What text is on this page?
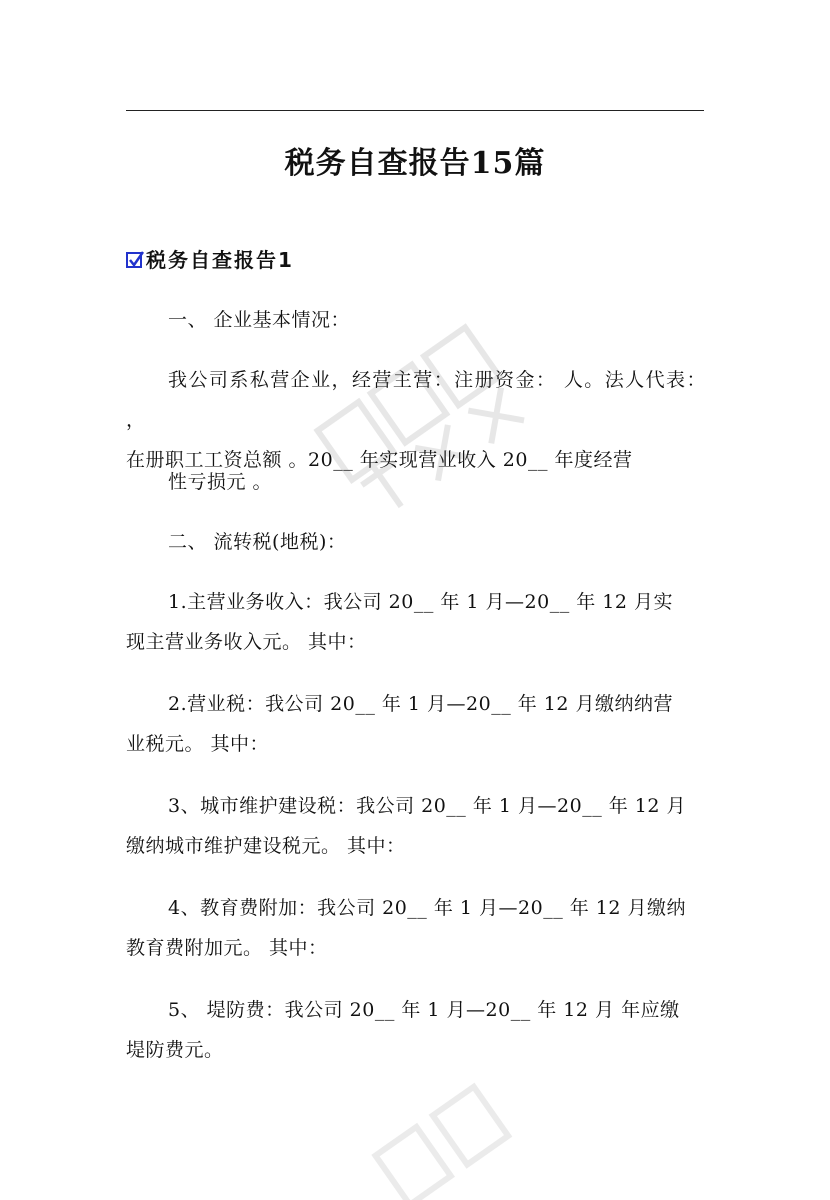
税务自查报告15篇
税务自查报告1
一、 企业基本情况：
我公司系私营企业，经营主营：注册资金： 人。法人代表： ，
在册职工工资总额 。20__ 年实现营业收入 20__ 年度经营
性亏损元 。
二、 流转税(地税)：
1.主营业务收入：我公司 20__ 年 1 月—20__ 年 12 月实
现主营业务收入元。 其中：
2.营业税：我公司 20__ 年 1 月—20__ 年 12 月缴纳纳营
业税元。 其中：
3、城市维护建设税：我公司 20__ 年 1 月—20__ 年 12 月
缴纳城市维护建设税元。 其中：
4、教育费附加：我公司 20__ 年 1 月—20__ 年 12 月缴纳
教育费附加元。 其中：
5、 堤防费：我公司 20__ 年 1 月—20__ 年 12 月 年应缴
堤防费元。
